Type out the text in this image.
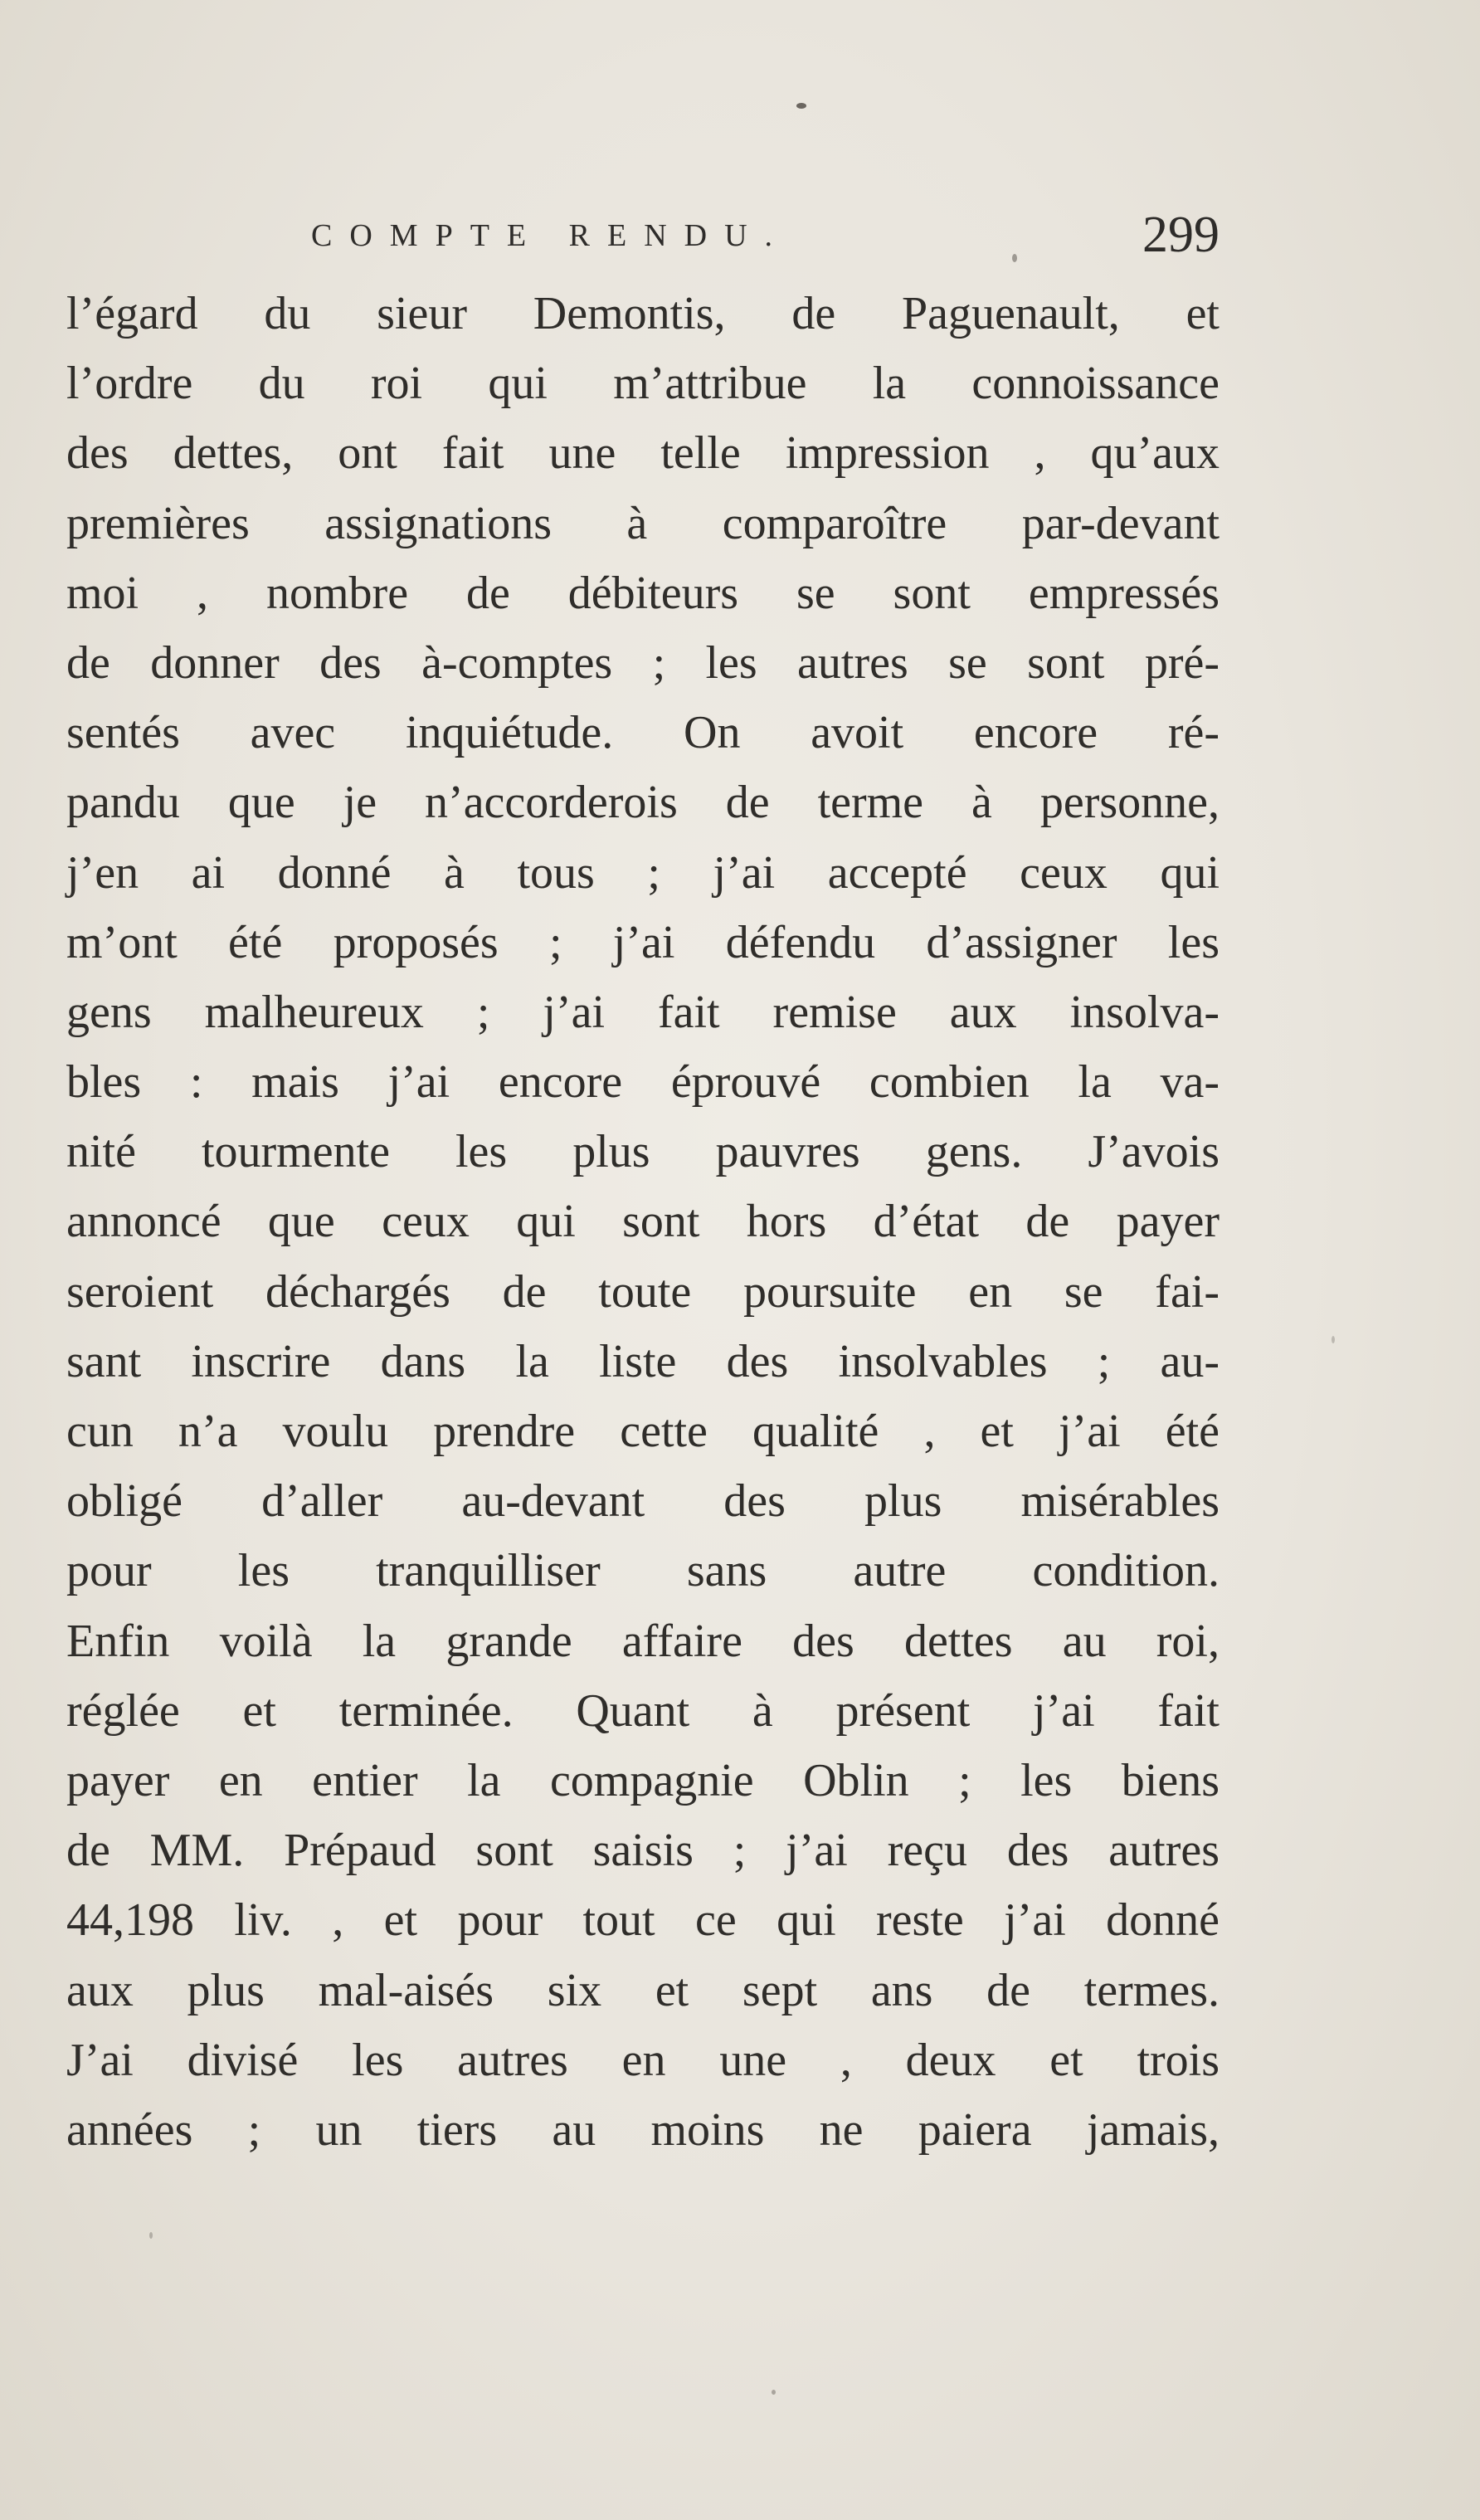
COMPTE RENDU.	299
l’égard du sieur Demontis, de Paguenault, et
l’ordre du roi qui m’attribue la connoissance
des dettes, ont fait une telle impression , qu’aux
premières assignations à comparoître par-devant
moi , nombre de débiteurs se sont empressés
de donner des à-comptes ; les autres se sont pré-
sentés avec inquiétude. On avoit encore ré-
pandu que je n’accorderois de terme à personne,
j’en ai donné à tous ; j’ai accepté ceux qui
m’ont été proposés ; j’ai défendu d’assigner les
gens malheureux ; j’ai fait remise aux insolva-
bles : mais j’ai encore éprouvé combien la va-
nité tourmente les plus pauvres gens. J’avois
annoncé que ceux qui sont hors d’état de payer
seroient déchargés de toute poursuite en se fai-
sant inscrire dans la liste des insolvables ; au-
cun n’a voulu prendre cette qualité , et j’ai été
obligé d’aller au-devant des plus misérables
pour les tranquilliser sans autre condition.
Enfin voilà la grande affaire des dettes au roi,
réglée et terminée. Quant à présent j’ai fait
payer en entier la compagnie Oblin ; les biens
de MM. Prépaud sont saisis ; j’ai reçu des autres
44,198 liv. , et pour tout ce qui reste j’ai donné
aux plus mal-aisés six et sept ans de termes.
J’ai divisé les autres en une , deux et trois
années ; un tiers au moins ne paiera jamais,
